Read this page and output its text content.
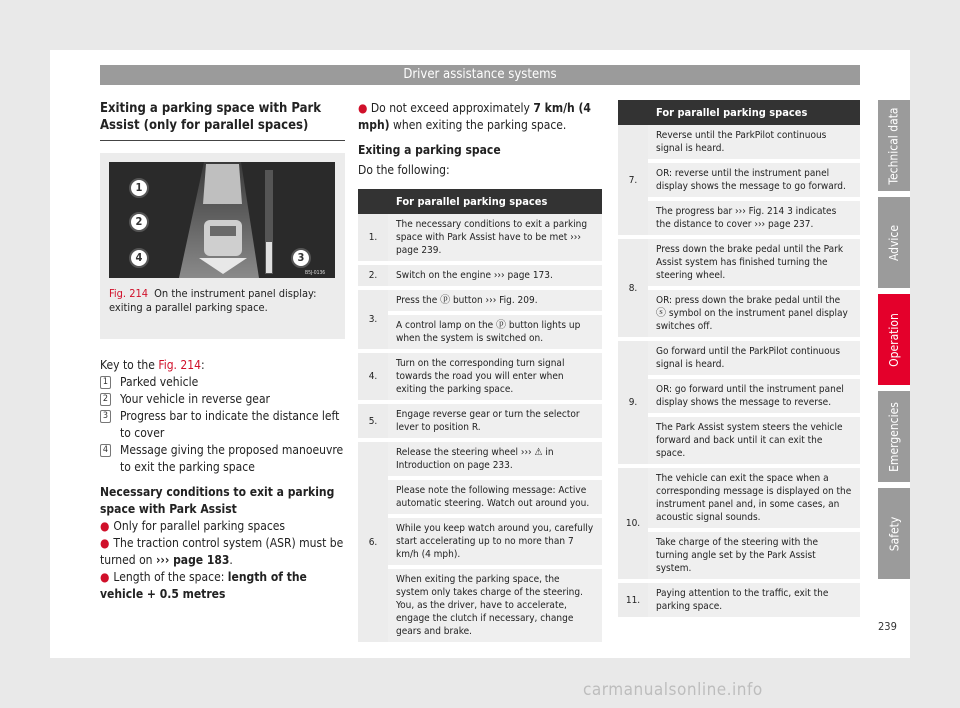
Driver assistance systems
Exiting a parking space with Park Assist (only for parallel spaces)
1
2
4	3
B5J-0136
Fig. 214 On the instrument panel display: exiting a parallel parking space.
Key to the Fig. 214:
1 Parked vehicle
2 Your vehicle in reverse gear
3 Progress bar to indicate the distance left to cover
4 Message giving the proposed manoeuvre to exit the parking space
Necessary conditions to exit a parking space with Park Assist
● Only for parallel parking spaces
● The traction control system (ASR) must be turned on ››› page 183.
● Length of the space: length of the vehicle + 0.5 metres
● Do not exceed approximately 7 km/h (4 mph) when exiting the parking space.
Exiting a parking space
Do the following:
	For parallel parking spaces
1.	The necessary conditions to exit a parking space with Park Assist have to be met ››› page 239.
2.	Switch on the engine ››› page 173.
3.	Press the ⓟ button ››› Fig. 209.
	A control lamp on the ⓟ button lights up when the system is switched on.
4.	Turn on the corresponding turn signal towards the road you will enter when exiting the parking space.
5.	Engage reverse gear or turn the selector lever to position R.
6.	Release the steering wheel ››› ⚠ in Introduction on page 233.
	Please note the following message: Active automatic steering. Watch out around you.
	While you keep watch around you, carefully start accelerating up to no more than 7 km/h (4 mph).
	When exiting the parking space, the system only takes charge of the steering. You, as the driver, have to accelerate, engage the clutch if necessary, change gears and brake.
	For parallel parking spaces
7.	Reverse until the ParkPilot continuous signal is heard.
	OR: reverse until the instrument panel display shows the message to go forward.
	The progress bar ››› Fig. 214 3 indicates the distance to cover ››› page 237.
8.	Press down the brake pedal until the Park Assist system has finished turning the steering wheel.
	OR: press down the brake pedal until the ⓢ symbol on the instrument panel display switches off.
9.	Go forward until the ParkPilot continuous signal is heard.
	OR: go forward until the instrument panel display shows the message to reverse.
	The Park Assist system steers the vehicle forward and back until it can exit the space.
10.	The vehicle can exit the space when a corresponding message is displayed on the instrument panel and, in some cases, an acoustic signal sounds.
	Take charge of the steering with the turning angle set by the Park Assist system.
11.	Paying attention to the traffic, exit the parking space.
Technical data
Advice
Operation
Emergencies
Safety
239
carmanualsonline.info
